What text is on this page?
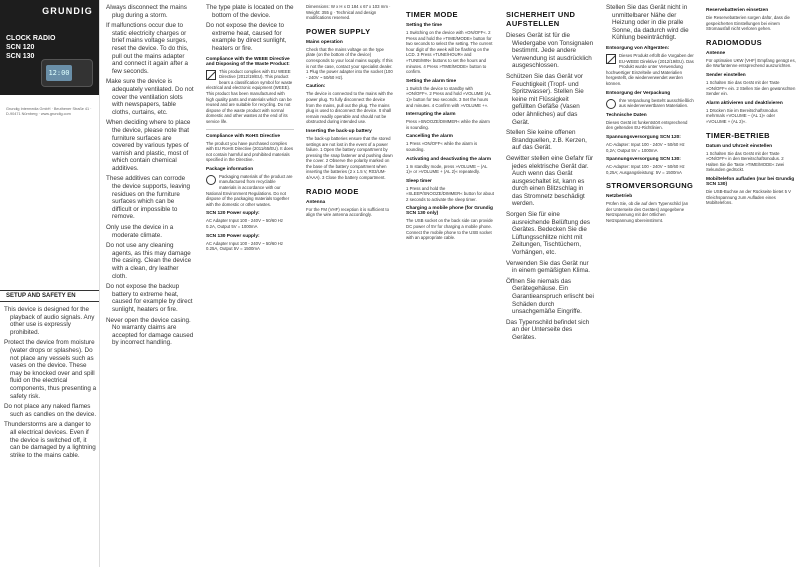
GRUNDIG
CLOCK RADIO
SCN 120
SCN 130
12:00
Grundig Intermedia GmbH · Beuthener Straße 41 · D-90471 Nürnberg · www.grundig.com
SETUP AND SAFETY EN
This device is designed for the playback of audio signals. Any other use is expressly prohibited.
Protect the device from moisture (water drops or splashes). Do not place any vessels such as vases on the device. These may be knocked over and spill fluid on the electrical components, thus presenting a safety risk.
Do not place any naked flames such as candles on the device.
Thunderstorms are a danger to all electrical devices. Even if the device is switched off, it can be damaged by a lightning strike to the mains cable.
Always disconnect the mains plug during a storm.
If malfunctions occur due to static electricity charges or brief mains voltage surges, reset the device. To do this, pull out the mains adapter and connect it again after a few seconds.
Make sure the device is adequately ventilated. Do not cover the ventilation slots with newspapers, table cloths, curtains, etc.
When deciding where to place the device, please note that furniture surfaces are covered by various types of varnish and plastic, most of which contain chemical additives.
These additives can corrode the device supports, leaving residues on the furniture surfaces which can be difficult or impossible to remove.
Only use the device in a moderate climate.
Do not use any cleaning agents, as this may damage the casing. Clean the device with a clean, dry leather cloth.
Do not expose the backup battery to extreme heat, caused for example by direct sunlight, heaters or fire.
Never open the device casing. No warranty claims are accepted for damage caused by incorrect handling.
The type plate is located on the bottom of the device.
Do not expose the device to extreme heat, caused for example by direct sunlight, heaters or fire.
Compliance with the WEEE Directive and Disposing of the Waste Product:
This product complies with EU WEEE Directive (2012/19/EU). This product bears a classification symbol for waste electrical and electronic equipment (WEEE). This product has been manufactured with high quality parts and materials which can be reused and are suitable for recycling. Do not dispose of the waste product with normal domestic and other wastes at the end of its service life.
Compliance with RoHS Directive
The product you have purchased complies with EU RoHS Directive (2011/65/EU). It does not contain harmful and prohibited materials specified in the Directive.
Package information
Packaging materials of the product are manufactured from recyclable materials in accordance with our National Environment Regulations. Do not dispose of the packaging materials together with the domestic or other wastes.
SCN 120 Power supply:
AC Adapter Input 100 - 240V ~ 50/60 Hz 0.2A, Output 5V = 1000mA
SCN 130 Power supply:
AC Adapter Input 100 - 240V ~ 50/60 Hz 0.25A, Output 5V = 1500mA
Dimensions: W x H x D 184 x 67 x 103 mm · Weight: 355 g · Technical and design modifications reserved.
POWER SUPPLY
Mains operation
Check that the mains voltage on the type plate (on the bottom of the device) corresponds to your local mains supply. If this is not the case, contact your specialist dealer.
1 Plug the power adapter into the socket (100 - 240V ~ 50/60 Hz).
Caution:
The device is connected to the mains with the power plug. To fully disconnect the device from the mains, pull out the plug. The mains plug is used to disconnect the device. It shall remain readily operable and should not be obstructed during intended use.
Inserting the back-up battery
The back-up batteries ensure that the stored settings are not lost in the event of a power failure. 1 Open the battery compartment by pressing the snap fastener and pushing down the cover. 2 Observe the polarity marked on the base of the battery compartment when inserting the batteries (2 x 1.5 V, R03/UM-4/AAA). 3 Close the battery compartment.
RADIO MODE
Antenna
For the FM (VHF) reception it is sufficient to align the wire antenna accordingly.
TIMER MODE
Setting the time
1 Switching on the device with »ON/OFF«. 2 Press and hold the »TIME/MODE« button for two seconds to select the setting. The current hour digit of the week will be flashing on the LCD. 3 Press »TUNE/HOUR« and »TUNE/MIN« buttons to set the hours and minutes. 4 Press »TIME/MODE« button to confirm.
Setting the alarm time
1 Switch the device to standby with »ON/OFF«. 2 Press and hold »VOLUME (AL 1)« button for two seconds. 3 Set the hours and minutes. 4 Confirm with »VOLUME +«.
Interrupting the alarm
Press »SNOOZE/DIMMER« while the alarm is sounding.
Cancelling the alarm
1 Press »ON/OFF« while the alarm is sounding.
Activating and deactivating the alarm
1 In standby mode, press »VOLUME – (AL 1)« or »VOLUME + (AL 2)« repeatedly.
Sleep timer
1 Press and hold the »SLEEP/SNOOZE/DIMMER« button for about 2 seconds to activate the sleep timer.
Charging a mobile phone (for Grundig SCN 130 only)
The USB socket on the back side can provide DC power of 5V for charging a mobile phone. Connect the mobile phone to the USB socket with an appropriate cable.
SICHERHEIT UND AUFSTELLEN
Dieses Gerät ist für die Wiedergabe von Tonsignalen bestimmt. Jede andere Verwendung ist ausdrücklich ausgeschlossen.
Schützen Sie das Gerät vor Feuchtigkeit (Tropf- und Spritzwasser). Stellen Sie keine mit Flüssigkeit gefüllten Gefäße (Vasen oder ähnliches) auf das Gerät.
Stellen Sie keine offenen Brandquellen, z.B. Kerzen, auf das Gerät.
Gewitter stellen eine Gefahr für jedes elektrische Gerät dar. Auch wenn das Gerät ausgeschaltet ist, kann es durch einen Blitzschlag in das Stromnetz beschädigt werden.
Sorgen Sie für eine ausreichende Belüftung des Gerätes. Bedecken Sie die Lüftungsschlitze nicht mit Zeitungen, Tischtüchern, Vorhängen, etc.
Verwenden Sie das Gerät nur in einem gemäßigten Klima.
Öffnen Sie niemals das Gerätegehäuse. Ein Garantieanspruch erlischt bei Schäden durch unsachgemäße Eingriffe.
Das Typenschild befindet sich an der Unterseite des Gerätes.
Stellen Sie das Gerät nicht in unmittelbarer Nähe der Heizung oder in die pralle Sonne, da dadurch wird die Kühlung beeinträchtigt.
Entsorgung von Altgeräten:
Dieses Produkt erfüllt die Vorgaben der EU-WEEE Direktive (2012/19/EU). Das Produkt wurde unter Verwendung hochwertiger Einzelteile und Materialien hergestellt, die wiederverwendet werden können.
Entsorgung der Verpackung
Ihre Verpackung besteht ausschließlich aus wiederverwertbaren Materialien.
Technische Daten
Dieses Gerät ist funkentstört entsprechend den geltenden EU-Richtlinien.
Spannungsversorgung SCN 120:
AC-Adapter: Input 100 - 240V ~ 50/60 Hz 0,2A; Output 5V = 1000mA
Spannungsversorgung SCN 130:
AC-Adapter: Input 100 - 240V ~ 50/60 Hz 0,25A; Ausgangsleistung: 5V = 1500mA
STROMVERSORGUNG
Netzbetrieb
Prüfen Sie, ob die auf dem Typenschild (an der Unterseite des Gerätes) angegebene Netzspannung mit der örtlichen Netzspannung übereinstimmt.
Reservebatterien einsetzen
Die Reservebatterien sorgen dafür, dass die gespeicherten Einstellungen bei einem Stromausfall nicht verloren gehen.
RADIOMODUS
Antenne
Für optimalen UKW (VHF) Empfang genügt es, die Wurfantenne entsprechend auszurichten.
Sender einstellen
1 Schalten Sie das Gerät mit der Taste »ON/OFF« ein. 2 Stellen Sie den gewünschten Sender ein.
Alarm aktivieren und deaktivieren
1 Drücken Sie im Bereitschaftsmodus mehrmals »VOLUME – (AL 1)« oder »VOLUME + (AL 2)«.
TIMER-BETRIEB
Datum und Uhrzeit einstellen
1 Schalten Sie das Gerät mit der Taste »ON/OFF« in den Bereitschaftsmodus. 2 Halten Sie die Taste »TIME/MODE« zwei Sekunden gedrückt.
Mobiltelefon aufladen (nur bei Grundig SCN 130)
Die USB-Buchse an der Rückseite bietet 5 V Gleichspannung zum Aufladen eines Mobiltelefons.
